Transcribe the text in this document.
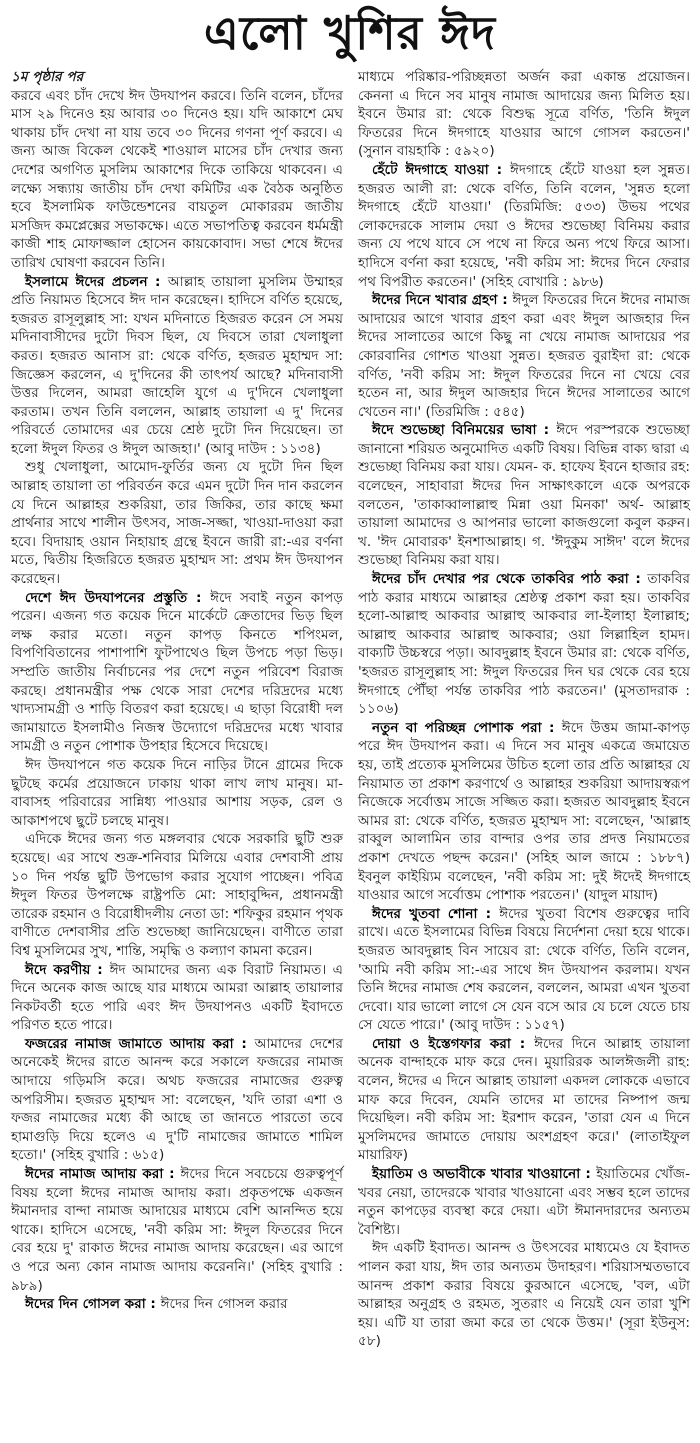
এলো খুশির ঈদ
১ম পৃষ্ঠার পর

করবে এবং চাঁদ দেখে ঈদ উদযাপন করবে। তিনি বলেন, চাঁদের মাস ২৯ দিনেও হয় আবার ৩০ দিনেও হয়। যদি আকাশে মেঘ থাকায় চাঁদ দেখা না যায় তবে ৩০ দিনের গণনা পূর্ণ করবে। এ জন্য আজ বিকেল থেকেই শাওয়াল মাসের চাঁদ দেখার জন্য দেশের অগণিত মুসলিম আকাশের দিকে তাকিয়ে থাকবেন। এ লক্ষ্যে সন্ধ্যায় জাতীয় চাঁদ দেখা কমিটির এক বৈঠক অনুষ্ঠিত হবে ইসলামিক ফাউন্ডেশনের বায়তুল মোকাররম জাতীয় মসজিদ কমপ্লেক্সের সভাকক্ষে। এতে সভাপতিত্ব করবেন ধর্মমন্ত্রী কাজী শাহ মোফাজ্জাল হোসেন কায়কোবাদ। সভা শেষে ঈদের তারিখ ঘোষণা করবেন তিনি।

ইসলামে ঈদের প্রচলন : আল্লাহ তায়ালা মুসলিম উম্মাহর প্রতি নিয়ামত হিসেবে ঈদ দান করেছেন। হাদিসে বর্ণিত হয়েছে, হজরত রাসূলুল্লাহ সা: যখন মদিনাতে হিজরত করেন সে সময় মদিনাবাসীদের দুটো দিবস ছিল, যে দিবসে তারা খেলাধুলা করত। হজরত আনাস রা: থেকে বর্ণিত, হজরত মুহাম্মদ সা: জিজ্ঞেস করলেন, এ দু'দিনের কী তাৎপর্য আছে? মদিনাবাসী উত্তর দিলেন, আমরা জাহেলি যুগে এ দু'দিনে খেলাধুলা করতাম। তখন তিনি বললেন, আল্লাহ তায়ালা এ দু' দিনের পরিবর্তে তোমাদের এর চেয়ে শ্রেষ্ঠ দুটো দিন দিয়েছেন। তা হলো ঈদুল ফিতর ও ঈদুল আজহা।' (আবু দাউদ : ১১৩৪)

শুধু খেলাধুলা, আমোদ-ফুর্তির জন্য যে দুটো দিন ছিল আল্লাহ তায়ালা তা পরিবর্তন করে এমন দুটো দিন দান করলেন যে দিনে আল্লাহর শুকরিয়া, তার জিকির, তার কাছে ক্ষমা প্রার্থনার সাথে শালীন উৎসব, সাজ-সজ্জা, খাওয়া-দাওয়া করা হবে। বিদায়াহ ওয়ান নিহায়াহ গ্রন্থে ইবনে জারী রা:-এর বর্ণনা মতে, দ্বিতীয় হিজরিতে হজরত মুহাম্মদ সা: প্রথম ঈদ উদযাপন করেছেন।

দেশে ঈদ উদযাপনের প্রস্তুতি : ঈদে সবাই নতুন কাপড় পরেন। এজন্য গত কয়েক দিনে মার্কেটে ক্রেতাদের ভিড় ছিল লক্ষ করার মতো। নতুন কাপড় কিনতে শপিংমল, বিপণিবিতানের পাশাপাশি ফুটপাথেও ছিল উপচে পড়া ভিড়। সম্প্রতি জাতীয় নির্বাচনের পর দেশে নতুন পরিবেশ বিরাজ করছে। প্রধানমন্ত্রীর পক্ষ থেকে সারা দেশের দরিদ্রদের মধ্যে খাদ্যসামগ্রী ও শাড়ি বিতরণ করা হয়েছে। এ ছাড়া বিরোধী দল জামায়াতে ইসলামীও নিজস্ব উদ্যোগে দরিদ্রদের মধ্যে খাবার সামগ্রী ও নতুন পোশাক উপহার হিসেবে দিয়েছে।

ঈদ উদযাপনে গত কয়েক দিনে নাড়ির টানে গ্রামের দিকে ছুটছে কর্মের প্রয়োজনে ঢাকায় থাকা লাখ লাখ মানুষ। মা-বাবাসহ পরিবারের সান্নিধ্য পাওয়ার আশায় সড়ক, রেল ও আকাশপথে ছুটে চলছে মানুষ।

এদিকে ঈদের জন্য গত মঙ্গলবার থেকে সরকারি ছুটি শুরু হয়েছে। এর সাথে শুক্র-শনিবার মিলিয়ে এবার দেশবাসী প্রায় ১০ দিন পর্যন্ত ছুটি উপভোগ করার সুযোগ পাচ্ছেন। পবিত্র ঈদুল ফিতর উপলক্ষে রাষ্ট্রপতি মো: সাহাবুদ্দিন, প্রধানমন্ত্রী তারেক রহমান ও বিরোধীদলীয় নেতা ডা: শফিকুর রহমান পৃথক বাণীতে দেশবাসীর প্রতি শুভেচ্ছা জানিয়েছেন। বাণীতে তারা বিশ্ব মুসলিমের সুখ, শান্তি, সমৃদ্ধি ও কল্যাণ কামনা করেন।

ঈদে করণীয় : ঈদ আমাদের জন্য এক বিরাট নিয়ামত। এ দিনে অনেক কাজ আছে যার মাধ্যমে আমরা আল্লাহ তায়ালার নিকটবর্তী হতে পারি এবং ঈদ উদযাপনও একটি ইবাদতে পরিণত হতে পারে।

ফজরের নামাজ জামাতে আদায় করা : আমাদের দেশের অনেকেই ঈদের রাতে আনন্দ করে সকালে ফজরের নামাজ আদায়ে গড়িমসি করে। অথচ ফজরের নামাজের গুরুত্ব অপরিসীম। হজরত মুহাম্মদ সা: বলেছেন, 'যদি তারা এশা ও ফজর নামাজের মধ্যে কী আছে তা জানতে পারতো তবে হামাগুড়ি দিয়ে হলেও এ দু'টি নামাজের জামাতে শামিল হতো।' (সহিহ বুখারি : ৬১৫)

ঈদের নামাজ আদায় করা : ঈদের দিনে সবচেয়ে গুরুত্বপূর্ণ বিষয় হলো ঈদের নামাজ আদায় করা। প্রকৃতপক্ষে একজন ঈমানদার বান্দা নামাজ আদায়ের মাধ্যমে বেশি আনন্দিত হয়ে থাকে। হাদিসে এসেছে, 'নবী করিম সা: ঈদুল ফিতরের দিনে বের হয়ে দু' রাকাত ঈদের নামাজ আদায় করেছেন। এর আগে ও পরে অন্য কোন নামাজ আদায় করেননি।' (সহিহ বুখারি : ৯৮৯)

ঈদের দিন গোসল করা : ঈদের দিন গোসল করার

মাধ্যমে পরিষ্কার-পরিচ্ছন্নতা অর্জন করা একান্ত প্রয়োজন। কেননা এ দিনে সব মানুষ নামাজ আদায়ের জন্য মিলিত হয়। ইবনে উমার রা: থেকে বিশুদ্ধ সূত্রে বর্ণিত, 'তিনি ঈদুল ফিতরের দিনে ঈদগাহে যাওয়ার আগে গোসল করতেন।' (সুনান বায়হাকি : ৫৯২০)

হেঁটে ঈদগাহে যাওয়া : ঈদগাহে হেঁটে যাওয়া হল সুন্নত। হজরত আলী রা: থেকে বর্ণিত, তিনি বলেন, 'সুন্নত হলো ঈদগাহে হেঁটে যাওয়া।' (তিরমিজি: ৫৩৩) উভয় পথের লোকদেরকে সালাম দেয়া ও ঈদের শুভেচ্ছা বিনিময় করার জন্য যে পথে যাবে সে পথে না ফিরে অন্য পথে ফিরে আসা। হাদিসে বর্ণনা করা হয়েছে, 'নবী করিম সা: ঈদের দিনে ফেরার পথ বিপরীত করতেন।' (সহিহ বোখারি : ৯৮৬)

ঈদের দিনে খাবার গ্রহণ : ঈদুল ফিতরের দিনে ঈদের নামাজ আদায়ের আগে খাবার গ্রহণ করা এবং ঈদুল আজহার দিন ঈদের সালাতের আগে কিছু না খেয়ে নামাজ আদায়ের পর কোরবানির গোশত খাওয়া সুন্নত। হজরত বুরাইদা রা: থেকে বর্ণিত, 'নবী করিম সা: ঈদুল ফিতরের দিনে না খেয়ে বের হতেন না, আর ঈদুল আজহার দিনে ঈদের সালাতের আগে খেতেন না।' (তিরমিজি : ৫৪৫)

ঈদে শুভেচ্ছা বিনিময়ের ভাষা : ঈদে পরস্পরকে শুভেচ্ছা জানানো শরিয়ত অনুমোদিত একটি বিষয়। বিভিন্ন বাক্য দ্বারা এ শুভেচ্ছা বিনিময় করা যায়। যেমন- ক. হাফেয ইবনে হাজার রহ: বলেছেন, সাহাবারা ঈদের দিন সাক্ষাৎকালে একে অপরকে বলতেন, 'তাকাব্বালাল্লাহু মিন্না ওয়া মিনকা' অর্থ- আল্লাহ তায়ালা আমাদের ও আপনার ভালো কাজগুলো কবুল করুন। খ. 'ঈদ মোবারক' ইনশাআল্লাহ। গ. 'ঈদুকুম সাঈদ' বলে ঈদের শুভেচ্ছা বিনিময় করা যায়।

ঈদের চাঁদ দেখার পর থেকে তাকবির পাঠ করা : তাকবির পাঠ করার মাধ্যমে আল্লাহর শ্রেষ্ঠত্ব প্রকাশ করা হয়। তাকবির হলো-আল্লাহু আকবার আল্লাহু আকবার লা-ইলাহা ইলাল্লাহ; আল্লাহু আকবার আল্লাহু আকবার; ওয়া লিল্লাহিল হামদ। বাক্যটি উচ্চস্বরে পড়া। আবদুল্লাহ ইবনে উমার রা: থেকে বর্ণিত, 'হজরত রাসূলুল্লাহ সা: ঈদুল ফিতরের দিন ঘর থেকে বের হয়ে ঈদগাহে পৌঁছা পর্যন্ত তাকবির পাঠ করতেন।' (মুসতাদরাক : ১১০৬)

নতুন বা পরিচ্ছন্ন পোশাক পরা : ঈদে উত্তম জামা-কাপড় পরে ঈদ উদযাপন করা। এ দিনে সব মানুষ একত্রে জমায়েত হয়, তাই প্রত্যেক মুসলিমের উচিত হলো তার প্রতি আল্লাহর যে নিয়ামাত তা প্রকাশ করণার্থে ও আল্লাহর শুকরিয়া আদায়স্বরূপ নিজেকে সর্বোত্তম সাজে সজ্জিত করা। হজরত আবদুল্লাহ ইবনে আমর রা: থেকে বর্ণিত, হজরত মুহাম্মদ সা: বলেছেন, 'আল্লাহ রাব্বুল আলামিন তার বান্দার ওপর তার প্রদত্ত নিয়ামতের প্রকাশ দেখতে পছন্দ করেন।' (সহিহ আল জামে : ১৮৮৭) ইবনুল কাইয়্যিম বলেছেন, 'নবী করিম সা: দুই ঈদেই ঈদগাহে যাওয়ার আগে সর্বোত্তম পোশাক পরতেন।' (যাদুল মায়াদ)

ঈদের খুতবা শোনা : ঈদের খুতবা বিশেষ গুরুত্বের দাবি রাখে। এতে ইসলামের বিভিন্ন বিষয়ে নির্দেশনা দেয়া হয়ে থাকে। হজরত আবদুল্লাহ বিন সায়েব রা: থেকে বর্ণিত, তিনি বলেন, 'আমি নবী করিম সা:-এর সাথে ঈদ উদযাপন করলাম। যখন তিনি ঈদের নামাজ শেষ করলেন, বললেন, আমরা এখন খুতবা দেবো। যার ভালো লাগে সে যেন বসে আর যে চলে যেতে চায় সে যেতে পারে।' (আবু দাউদ : ১১৫৭)

দোয়া ও ইস্তেগফার করা : ঈদের দিনে আল্লাহ তায়ালা অনেক বান্দাহকে মাফ করে দেন। মুয়ারিরক আলঈজলী রাহ: বলেন, ঈদের এ দিনে আল্লাহ তায়ালা একদল লোককে এভাবে মাফ করে দিবেন, যেমনি তাদের মা তাদের নিষ্পাপ জন্ম দিয়েছিল। নবী করিম সা: ইরশাদ করেন, 'তারা যেন এ দিনে মুসলিমদের জামাতে দোয়ায় অংশগ্রহণ করে।' (লাতাইফুল মায়ারিফ)

ইয়াতিম ও অভাবীকে খাবার খাওয়ানো : ইয়াতিমের খোঁজ-খবর নেয়া, তাদেরকে খাবার খাওয়ানো এবং সম্ভব হলে তাদের নতুন কাপড়ের ব্যবস্থা করে দেয়া। এটা ঈমানদারদের অন্যতম বৈশিষ্ট্য।

ঈদ একটি ইবাদত। আনন্দ ও উৎসবের মাধ্যমেও যে ইবাদত পালন করা যায়, ঈদ তার অন্যতম উদাহরণ। শরিয়াসম্মতভাবে আনন্দ প্রকাশ করার বিষয়ে কুরআনে এসেছে, 'বল, এটা আল্লাহর অনুগ্রহ ও রহমত, সুতরাং এ নিয়েই যেন তারা খুশি হয়। এটি যা তারা জমা করে তা থেকে উত্তম।' (সূরা ইউনুস: ৫৮)
